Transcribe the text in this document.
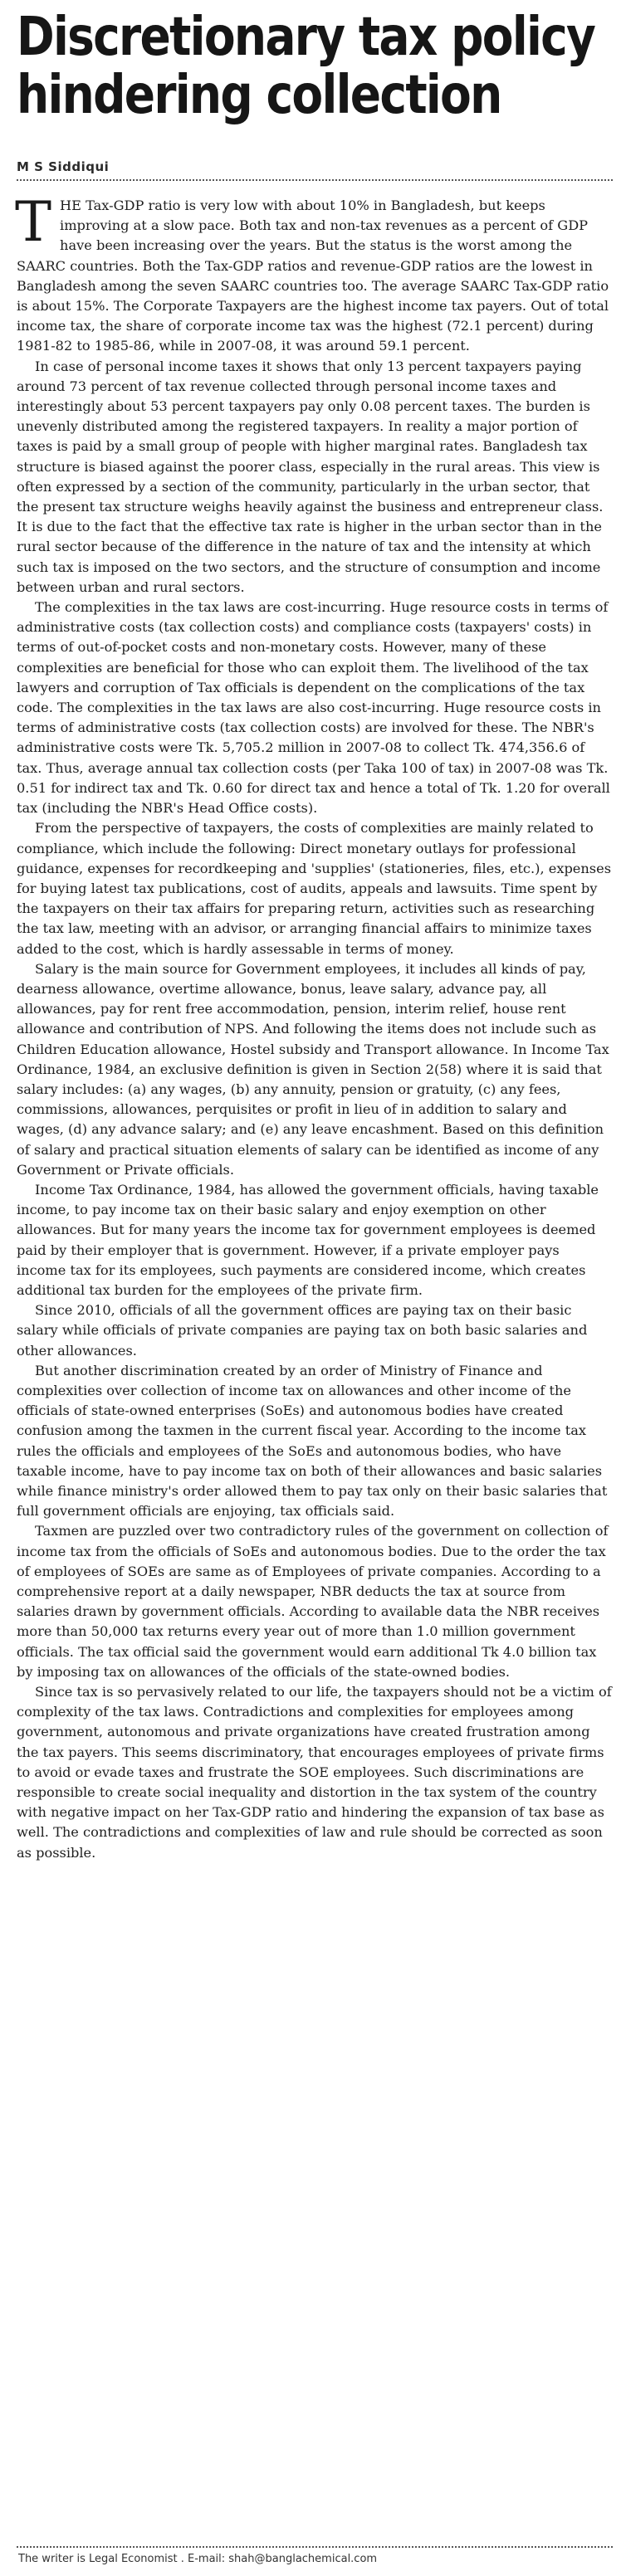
Discretionary tax policy hindering collection
M S Siddiqui

THE Tax-GDP ratio is very low with about 10% in Bangladesh, but keeps improving at a slow pace. Both tax and non-tax revenues as a percent of GDP have been increasing over the years. But the status is the worst among the SAARC countries. Both the Tax-GDP ratios and revenue-GDP ratios are the lowest in Bangladesh among the seven SAARC countries too. The average SAARC Tax-GDP ratio is about 15%. The Corporate Taxpayers are the highest income tax payers. Out of total income tax, the share of corporate income tax was the highest (72.1 percent) during 1981-82 to 1985-86, while in 2007-08, it was around 59.1 percent.

In case of personal income taxes it shows that only 13 percent taxpayers paying around 73 percent of tax revenue collected through personal income taxes and interestingly about 53 percent taxpayers pay only 0.08 percent taxes. The burden is unevenly distributed among the registered taxpayers. In reality a major portion of taxes is paid by a small group of people with higher marginal rates. Bangladesh tax structure is biased against the poorer class, especially in the rural areas. This view is often expressed by a section of the community, particularly in the urban sector, that the present tax structure weighs heavily against the business and entrepreneur class. It is due to the fact that the effective tax rate is higher in the urban sector than in the rural sector because of the difference in the nature of tax and the intensity at which such tax is imposed on the two sectors, and the structure of consumption and income between urban and rural sectors.

The complexities in the tax laws are cost-incurring. Huge resource costs in terms of administrative costs (tax collection costs) and compliance costs (taxpayers' costs) in terms of out-of-pocket costs and non-monetary costs. However, many of these complexities are beneficial for those who can exploit them. The livelihood of the tax lawyers and corruption of Tax officials is dependent on the complications of the tax code. The complexities in the tax laws are also cost-incurring. Huge resource costs in terms of administrative costs (tax collection costs) are involved for these. The NBR's administrative costs were Tk. 5,705.2 million in 2007-08 to collect Tk. 474,356.6 of tax. Thus, average annual tax collection costs (per Taka 100 of tax) in 2007-08 was Tk. 0.51 for indirect tax and Tk. 0.60 for direct tax and hence a total of Tk. 1.20 for overall tax (including the NBR's Head Office costs).

From the perspective of taxpayers, the costs of complexities are mainly related to compliance, which include the following: Direct monetary outlays for professional guidance, expenses for recordkeeping and 'supplies' (stationeries, files, etc.), expenses for buying latest tax publications, cost of audits, appeals and lawsuits. Time spent by the taxpayers on their tax affairs for preparing return, activities such as researching the tax law, meeting with an advisor, or arranging financial affairs to minimize taxes added to the cost, which is hardly assessable in terms of money.

Salary is the main source for Government employees, it includes all kinds of pay, dearness allowance, overtime allowance, bonus, leave salary, advance pay, all allowances, pay for rent free accommodation, pension, interim relief, house rent allowance and contribution of NPS. And following the items does not include such as Children Education allowance, Hostel subsidy and Transport allowance. In Income Tax Ordinance, 1984, an exclusive definition is given in Section 2(58) where it is said that salary includes: (a) any wages, (b) any annuity, pension or gratuity, (c) any fees, commissions, allowances, perquisites or profit in lieu of in addition to salary and wages, (d) any advance salary; and (e) any leave encashment. Based on this definition of salary and practical situation elements of salary can be identified as income of any Government or Private officials.

Income Tax Ordinance, 1984, has allowed the government officials, having taxable income, to pay income tax on their basic salary and enjoy exemption on other allowances. But for many years the income tax for government employees is deemed paid by their employer that is government. However, if a private employer pays income tax for its employees, such payments are considered income, which creates additional tax burden for the employees of the private firm.

Since 2010, officials of all the government offices are paying tax on their basic salary while officials of private companies are paying tax on both basic salaries and other allowances.

But another discrimination created by an order of Ministry of Finance and complexities over collection of income tax on allowances and other income of the officials of state-owned enterprises (SoEs) and autonomous bodies have created confusion among the taxmen in the current fiscal year. According to the income tax rules the officials and employees of the SoEs and autonomous bodies, who have taxable income, have to pay income tax on both of their allowances and basic salaries while finance ministry's order allowed them to pay tax only on their basic salaries that full government officials are enjoying, tax officials said.

Taxmen are puzzled over two contradictory rules of the government on collection of income tax from the officials of SoEs and autonomous bodies. Due to the order the tax of employees of SOEs are same as of Employees of private companies. According to a comprehensive report at a daily newspaper, NBR deducts the tax at source from salaries drawn by government officials. According to available data the NBR receives more than 50,000 tax returns every year out of more than 1.0 million government officials. The tax official said the government would earn additional Tk 4.0 billion tax by imposing tax on allowances of the officials of the state-owned bodies.

Since tax is so pervasively related to our life, the taxpayers should not be a victim of complexity of the tax laws. Contradictions and complexities for employees among government, autonomous and private organizations have created frustration among the tax payers. This seems discriminatory, that encourages employees of private firms to avoid or evade taxes and frustrate the SOE employees. Such discriminations are responsible to create social inequality and distortion in the tax system of the country with negative impact on her Tax-GDP ratio and hindering the expansion of tax base as well. The contradictions and complexities of law and rule should be corrected as soon as possible.

The writer is Legal Economist . E-mail: shah@banglachemical.com
